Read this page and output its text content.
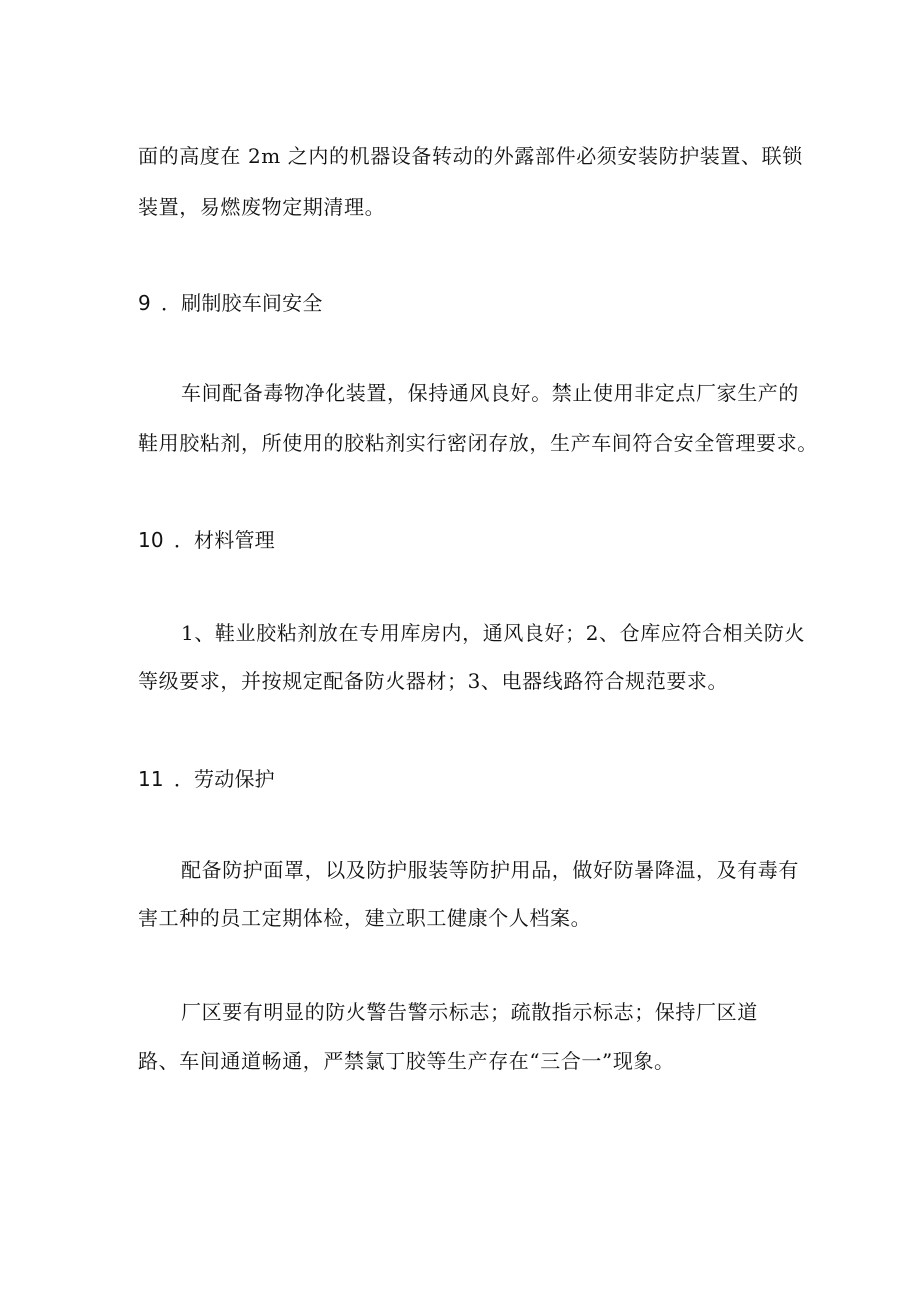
面的高度在 2m 之内的机器设备转动的外露部件必须安装防护装置、联锁
装置，易燃废物定期清理。
9 ．刷制胶车间安全
车间配备毒物净化装置，保持通风良好。禁止使用非定点厂家生产的
鞋用胶粘剂，所使用的胶粘剂实行密闭存放，生产车间符合安全管理要求。
10 ．材料管理
1、鞋业胶粘剂放在专用库房内，通风良好；2、仓库应符合相关防火
等级要求，并按规定配备防火器材；3、电器线路符合规范要求。
11 ．劳动保护
配备防护面罩，以及防护服装等防护用品，做好防暑降温，及有毒有
害工种的员工定期体检，建立职工健康个人档案。
厂区要有明显的防火警告警示标志；疏散指示标志；保持厂区道
路、车间通道畅通，严禁氯丁胶等生产存在“三合一”现象。
